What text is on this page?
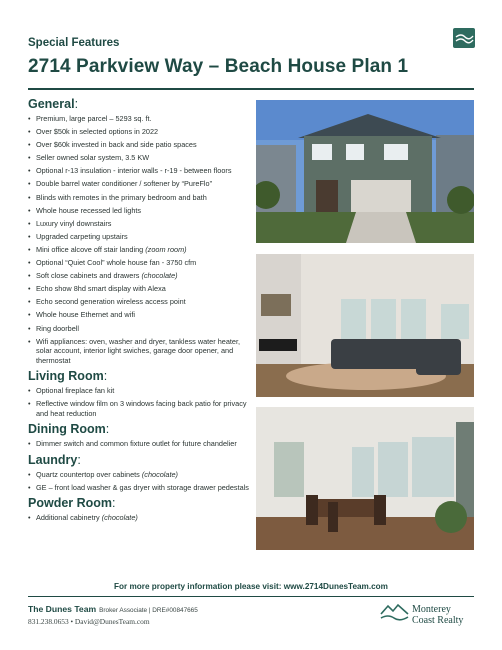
Special Features
2714 Parkview Way – Beach House Plan 1
General:
• Premium, large parcel – 5293 sq. ft.
• Over $50k in selected options in 2022
• Over $60k invested in back and side patio spaces
• Seller owned solar system, 3.5 KW
• Optional r-13 insulation - interior walls - r-19 - between floors
• Double barrel water conditioner / softener by “PureFlo”
• Blinds with remotes in the primary bedroom and bath
• Whole house recessed led lights
• Luxury vinyl downstairs
• Upgraded carpeting upstairs
• Mini office alcove off stair landing (zoom room)
• Optional “Quiet Cool” whole house fan - 3750 cfm
• Soft close cabinets and drawers (chocolate)
• Echo show 8hd smart display with Alexa
• Echo second generation wireless access point
• Whole house Ethernet and wifi
• Ring doorbell
• Wifi appliances: oven, washer and dryer, tankless water heater, solar account, interior light swiches, garage door opener, and thermostat
Living Room:
• Optional fireplace fan kit
• Reflective window film on 3 windows facing back patio for privacy and heat reduction
Dining Room:
• Dimmer switch and common fixture outlet for future chandelier
Laundry:
• Quartz countertop over cabinets (chocolate)
• GE – front load washer & gas dryer with storage drawer pedestals
Powder Room:
• Additional cabinetry (chocolate)
For more property information please visit: www.2714DunesTeam.com
The Dunes Team Broker Associate | DRE#00847665
831.238.0653 • David@DunesTeam.com
Monterey
Coast Realty
